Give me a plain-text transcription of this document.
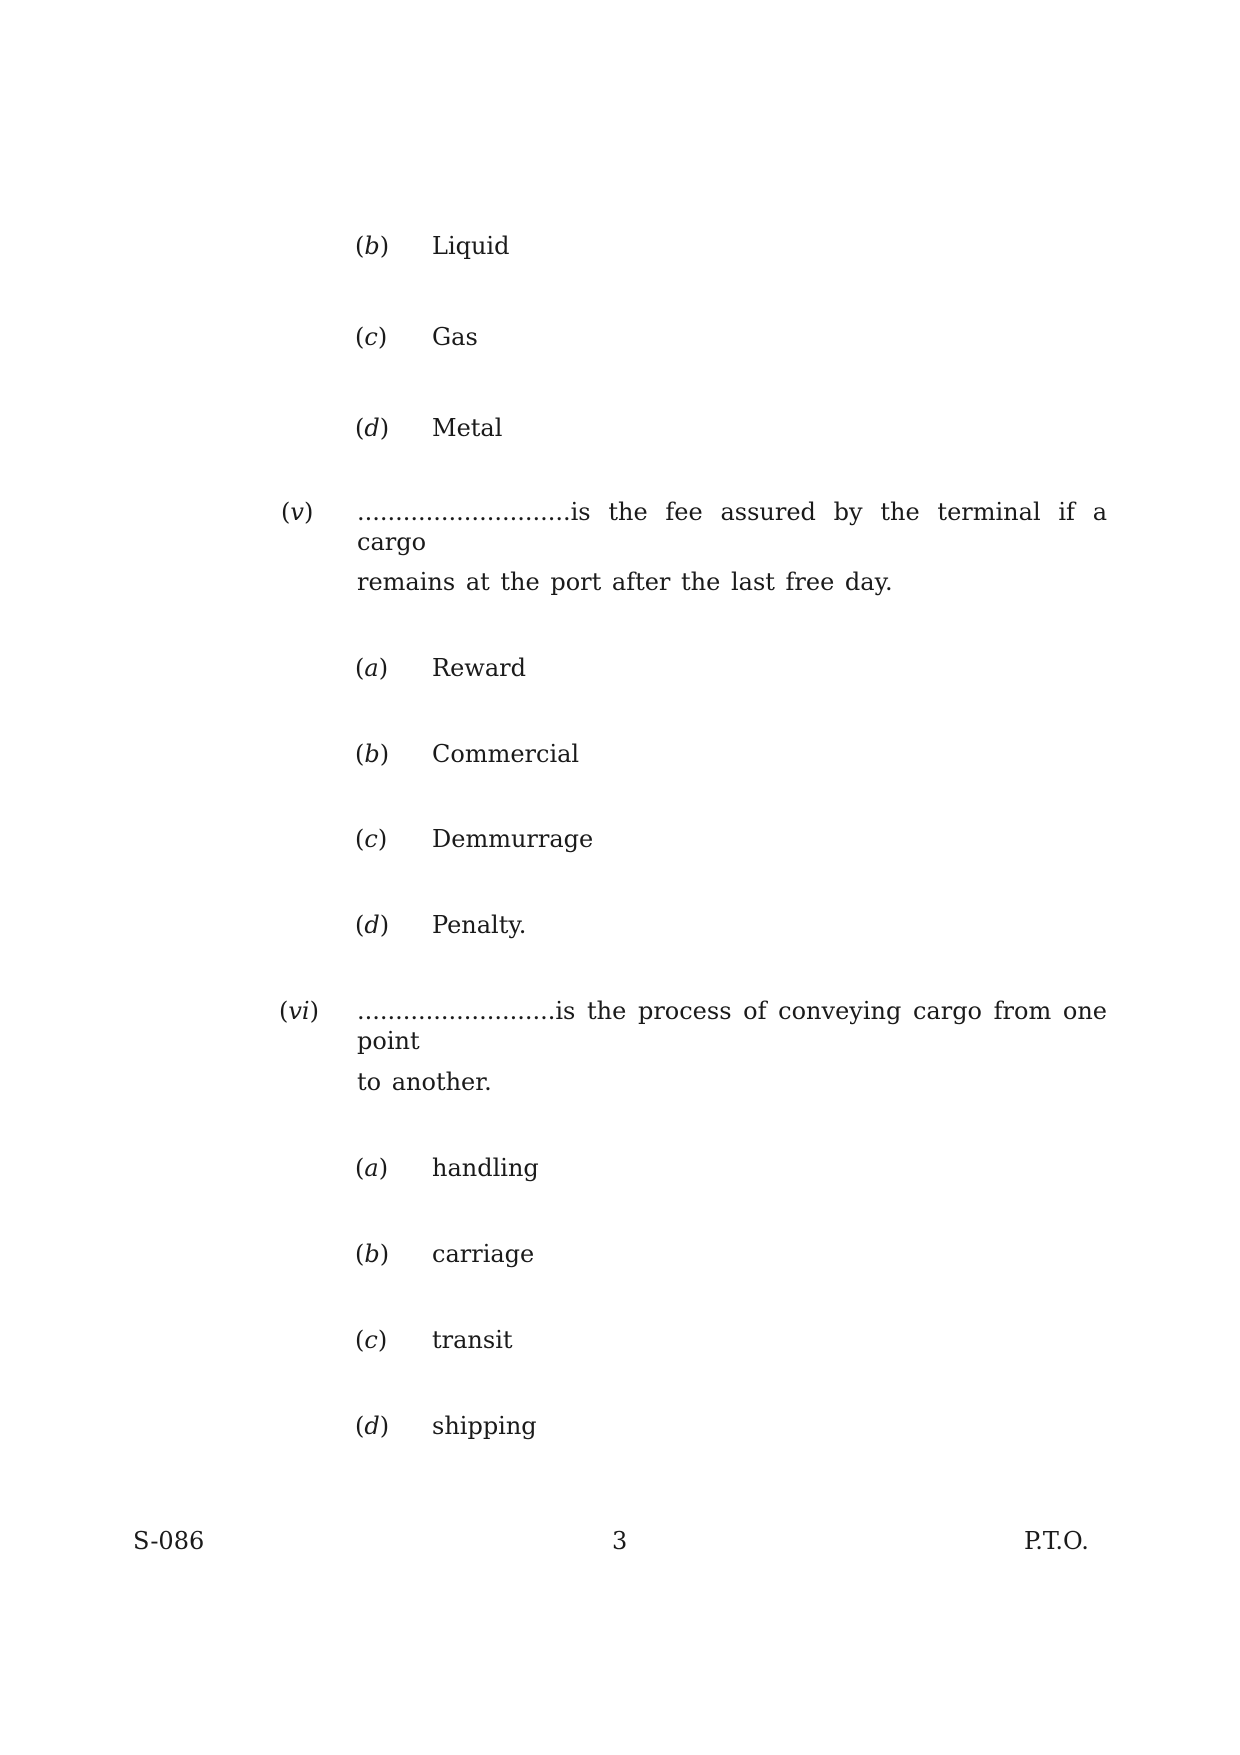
(b) Liquid
(c) Gas
(d) Metal
(v) ............................is the fee assured by the terminal if a cargo
remains at the port after the last free day.
(a) Reward
(b) Commercial
(c) Demmurrage
(d) Penalty.
(vi) ..........................is the process of conveying cargo from one point
to another.
(a) handling
(b) carriage
(c) transit
(d) shipping
S-086	3	P.T.O.
